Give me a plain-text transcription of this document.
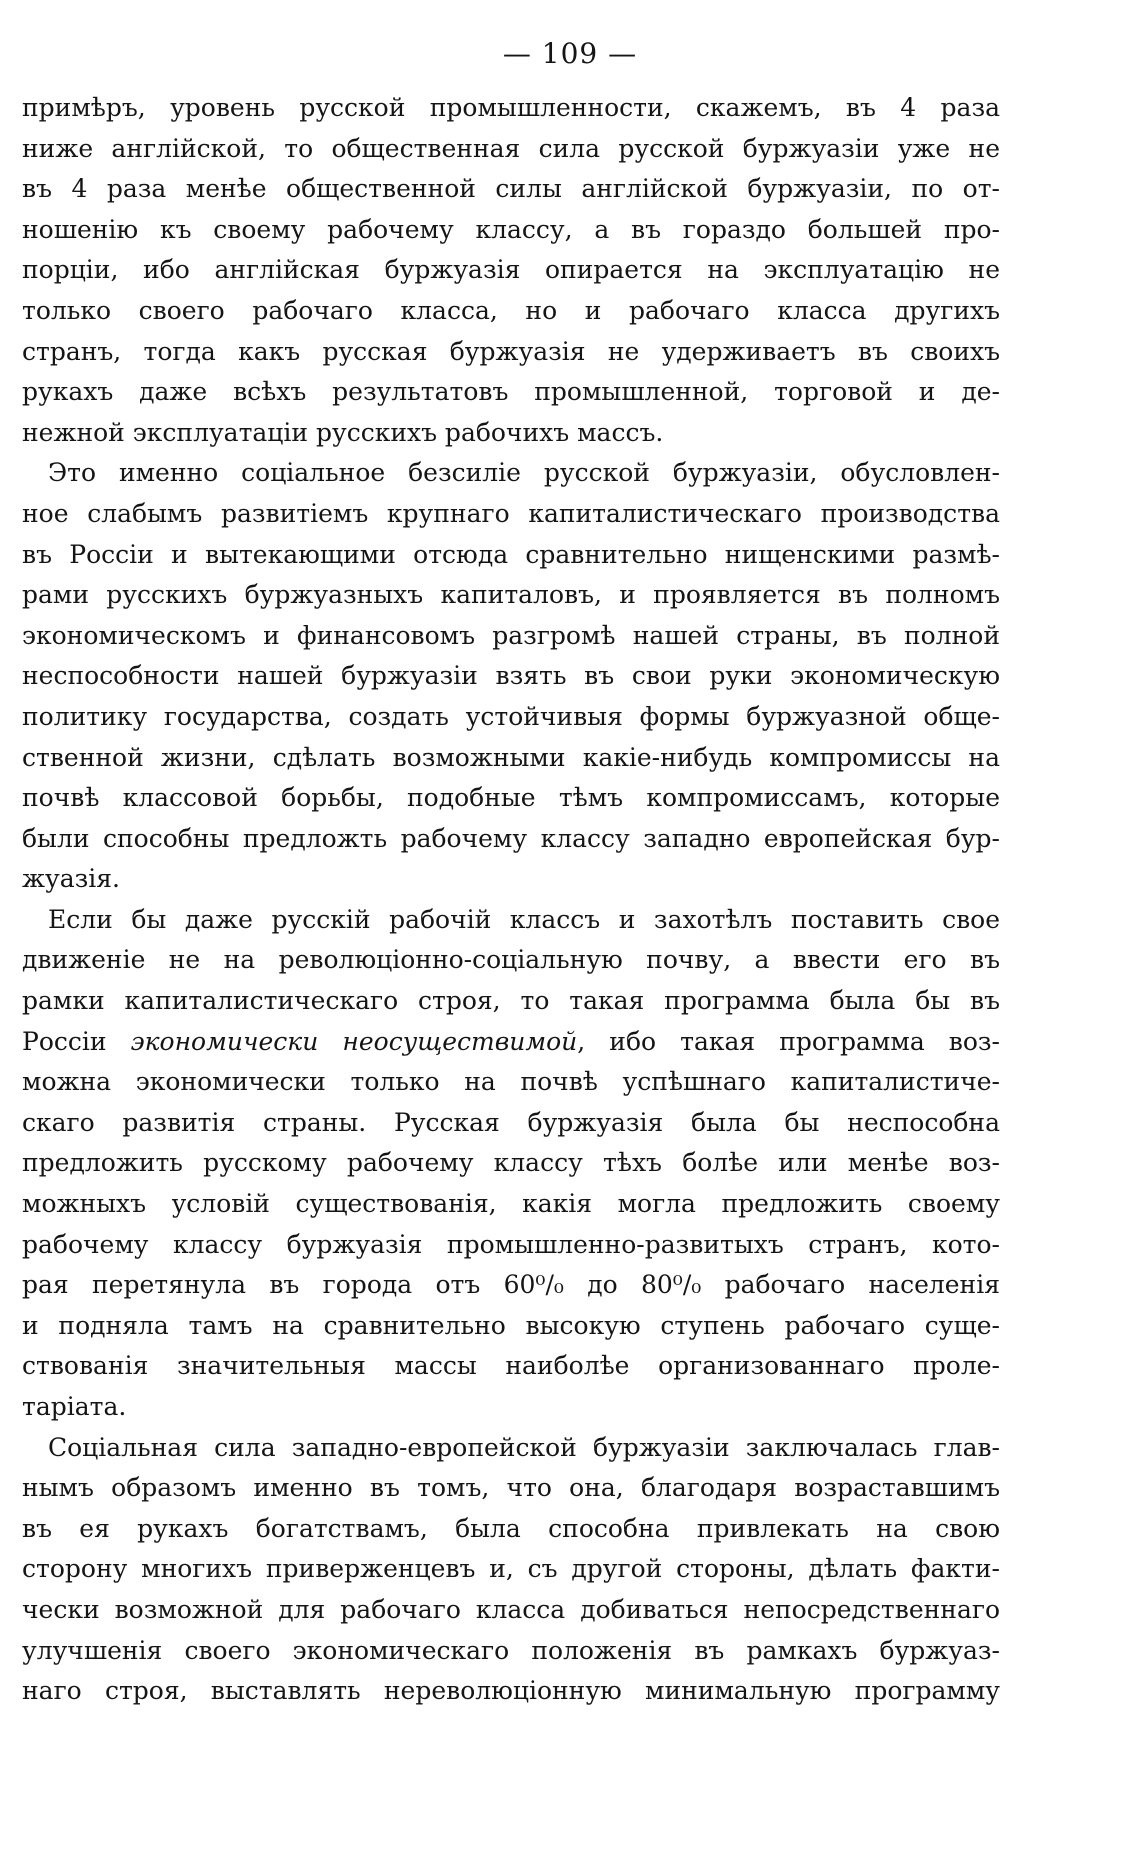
— 109 —
примѣръ, уровень русской промышленности, скажемъ, въ 4 раза
ниже англійской, то общественная сила русской буржуазіи уже не
въ 4 раза менѣе общественной силы англійской буржуазіи, по от-
ношенію къ своему рабочему классу, а въ гораздо большей про-
порціи, ибо англійская буржуазія опирается на эксплуатацію не
только своего рабочаго класса, но и рабочаго класса другихъ
странъ, тогда какъ русская буржуазія не удерживаетъ въ своихъ
рукахъ даже всѣхъ результатовъ промышленной, торговой и де-
нежной эксплуатаціи русскихъ рабочихъ массъ.
Это именно соціальное безсиліе русской буржуазіи, обусловлен-
ное слабымъ развитіемъ крупнаго капиталистическаго производства
въ Россіи и вытекающими отсюда сравнительно нищенскими размѣ-
рами русскихъ буржуазныхъ капиталовъ, и проявляется въ полномъ
экономическомъ и финансовомъ разгромѣ нашей страны, въ полной
неспособности нашей буржуазіи взять въ свои руки экономическую
политику государства, создать устойчивыя формы буржуазной обще-
ственной жизни, сдѣлать возможными какіе-нибудь компромиссы на
почвѣ классовой борьбы, подобные тѣмъ компромиссамъ, которые
были способны предложть рабочему классу западно европейская бур-
жуазія.
Если бы даже русскій рабочій классъ и захотѣлъ поставить свое
движеніе не на революціонно-соціальную почву, а ввести его въ
рамки капиталистическаго строя, то такая программа была бы въ
Россіи экономически неосуществимой, ибо такая программа воз-
можна экономически только на почвѣ успѣшнаго капиталистиче-
скаго развитія страны. Русская буржуазія была бы неспособна
предложить русскому рабочему классу тѣхъ болѣе или менѣе воз-
можныхъ условій существованія, какія могла предложить своему
рабочему классу буржуазія промышленно-развитыхъ странъ, кото-
рая перетянула въ города отъ 60⁰/₀ до 80⁰/₀ рабочаго населенія
и подняла тамъ на сравнительно высокую ступень рабочаго суще-
ствованія значительныя массы наиболѣе организованнаго проле-
таріата.
Соціальная сила западно-европейской буржуазіи заключалась глав-
нымъ образомъ именно въ томъ, что она, благодаря возраставшимъ
въ ея рукахъ богатствамъ, была способна привлекать на свою
сторону многихъ приверженцевъ и, съ другой стороны, дѣлать факти-
чески возможной для рабочаго класса добиваться непосредственнаго
улучшенія своего экономическаго положенія въ рамкахъ буржуаз-
наго строя, выставлять нереволюціонную минимальную программу
